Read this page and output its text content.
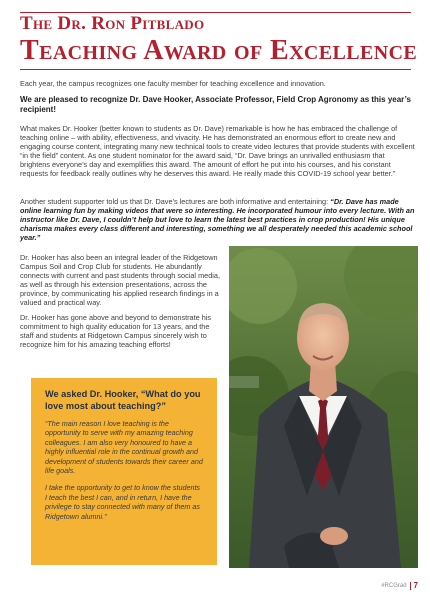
The Dr. Ron Pitblado
Teaching Award of Excellence

Each year, the campus recognizes one faculty member for teaching excellence and innovation.

We are pleased to recognize Dr. Dave Hooker, Associate Professor, Field Crop Agronomy as this year’s recipient!

What makes Dr. Hooker (better known to students as Dr. Dave) remarkable is how he has embraced the challenge of teaching online – with ability, effectiveness, and vivacity. He has demonstrated an enormous effort to create new and engaging course content, integrating many new technical tools to create video lectures that provide students with excellent “in the field” content. As one student nominator for the award said, “Dr. Dave brings an unrivalled enthusiasm that brightens everyone’s day and exemplifies this award. The amount of effort he put into his courses, and his constant requests for feedback really outlines why he deserves this award. He really made this COVID-19 school year better.”

Another student supporter told us that Dr. Dave’s lectures are both informative and entertaining: “Dr. Dave has made online learning fun by making videos that were so interesting. He incorporated humour into every lecture. With an instructor like Dr. Dave, I couldn’t help but love to learn the latest best practices in crop production! His unique charisma makes every class different and interesting, something we all desperately needed this academic school year.”

Dr. Hooker has also been an integral leader of the Ridgetown Campus Soil and Crop Club for students. He abundantly connects with current and past students through social media, as well as through his extension presentations, across the province, by communicating his applied research findings in a valued and practical way.

Dr. Hooker has gone above and beyond to demonstrate his commitment to high quality education for 13 years, and the staff and students at Ridgetown Campus sincerely wish to recognize him for his amazing teaching efforts!

We asked Dr. Hooker, “What do you love most about teaching?”

“The main reason I love teaching is the opportunity to serve with my amazing teaching colleagues. I am also very honoured to have a highly influential role in the continual growth and development of students towards their career and life goals.

I take the opportunity to get to know the students I teach the best I can, and in return, I have the privilege to stay connected with many of them as Ridgetown alumni.”

#RCGrad 7
